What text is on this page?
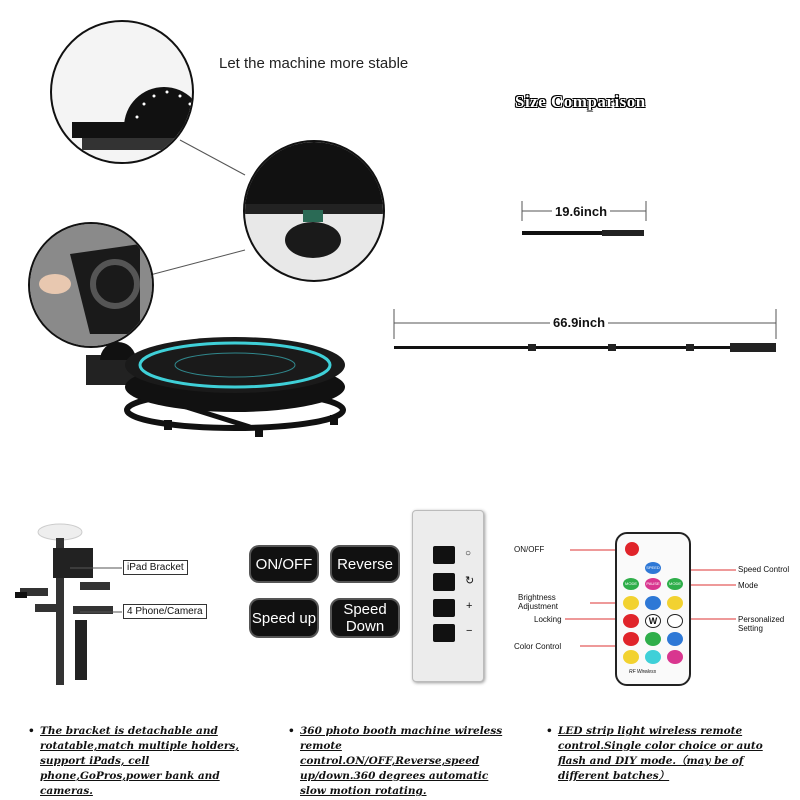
Let the machine more stable
Size Comparison
19.6inch
66.9inch
iPad Bracket
4 Phone/Camera
ON/OFF	Reverse
Speed up	Speed Down
○
↻
+
−
SPEED
MODE	PAUSE	MODE
W
RF Wireless
ON/OFF
Brightness Adjustment
Locking
Color Control
Speed Control
Mode
Personalized Setting
• The bracket is detachable and rotatable,match multiple holders, support iPads, cell phone,GoPros,power bank and cameras.
• 360 photo booth machine wireless remote control.ON/OFF,Reverse,speed up/down.360 degrees automatic slow motion rotating.
• LED strip light wireless remote control.Single color choice or auto flash and DIY mode.（may be of different batches）
